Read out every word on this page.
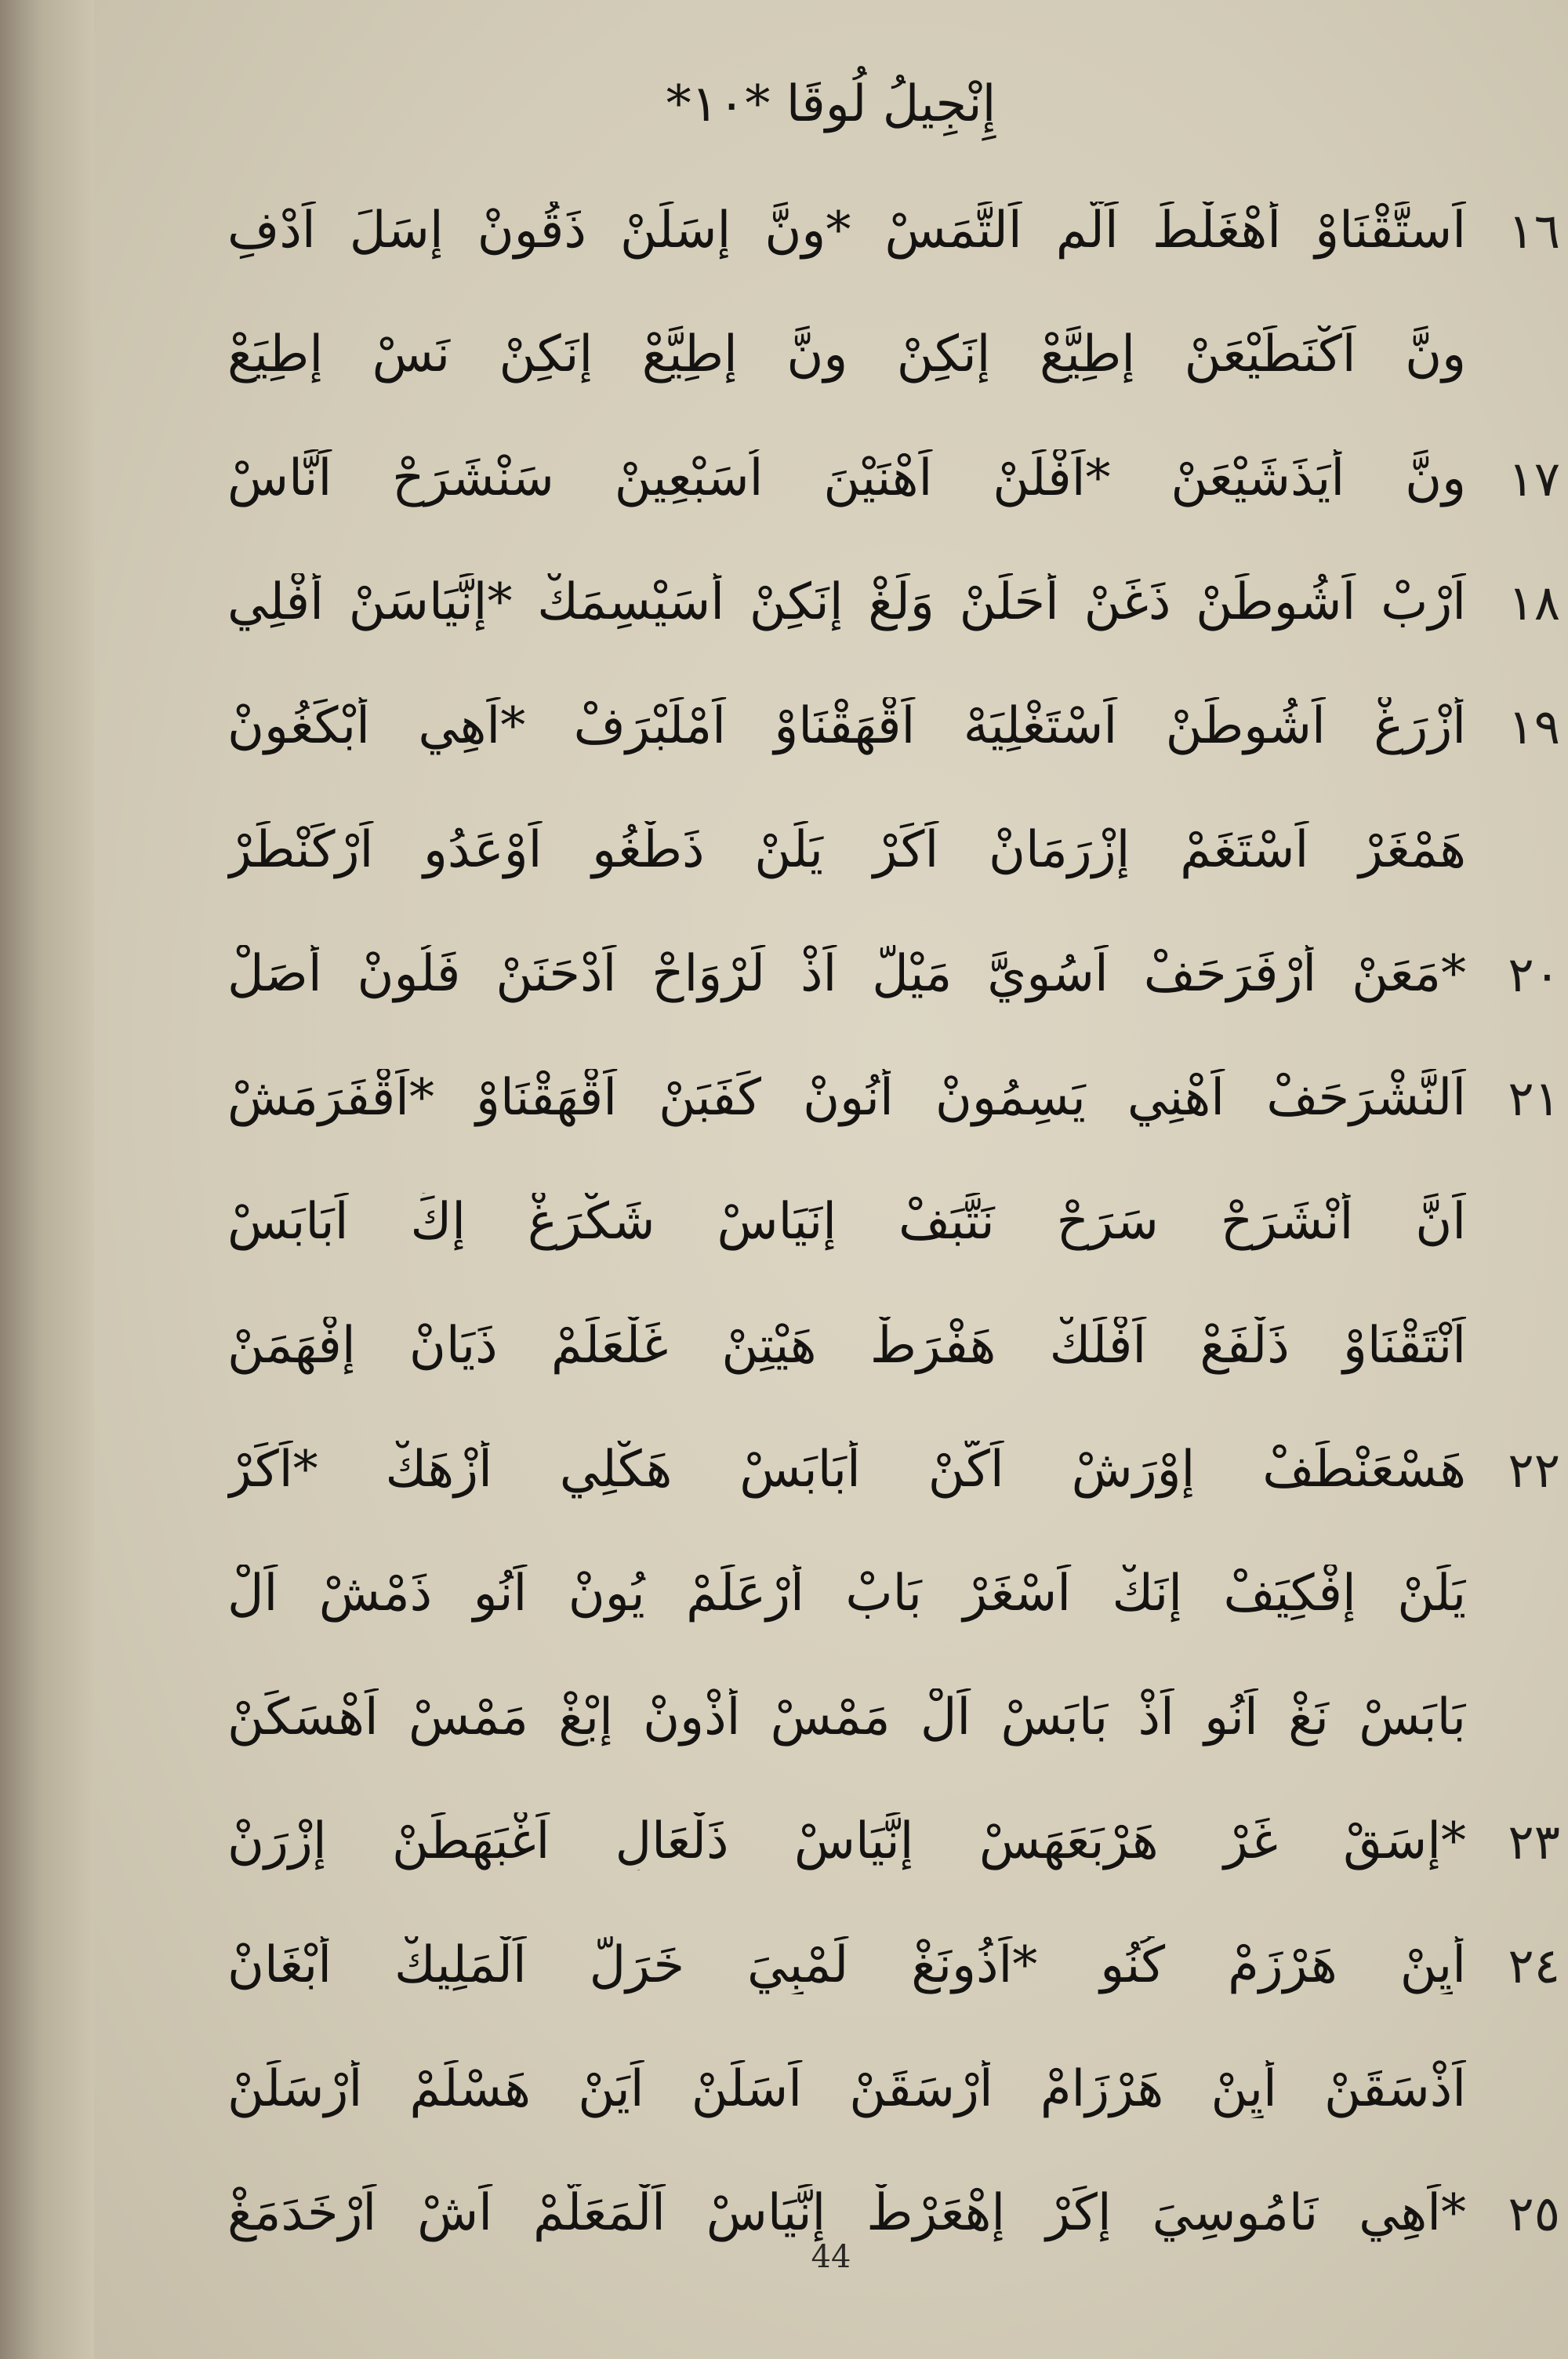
إِنْجِيلُ لُوقَا *١٠*
١٦
اَستَّقْنَاوْ أَهْغَلْطَ اَلَّمِ اَلتَّمَسْ *وِنَّ إِسَلَنْ ذَقُونْ إِسَلَ اَدْفِ
وِنَّ اَكْنَطَيْعَنْ إِطِيَّعْ إِنَكِنْ وِنَّ إِطِيَّعْ إِنَكِنْ نَسْ إِطِيَعْ
١٧
وِنَّ أَيَذَشَيْعَنْ *اَفْلَنْ اَهْنَيْنَ اُسَبْعِينْ سَنْشَرَحْ اَنَّاسْ
١٨
اَرْبْ اَشُوطَنْ ذَغَنْ أَحَلَنْ وَلَغْ إِنَكِنْ أَسَيْسِمَكْ *إِنَّيَاسَنْ أَفْلِي
١٩
أَزْرَغْ اَشُوطَنْ اَسْتَغْلِيَهْ اَقْهَقْنَاوْ اَمْلَبْرَفْ *اَهِي أَبْكَغُونْ
هَمْغَرْ اَسْتَغَمْ إِزْرَمَانْ اَكَرْ يَلَنْ ذَطْغُو اَوْعَدُو اَرْكَنْطَرْ
٢٠
*مَعَنْ أُرْفَرَحَفْ اَسُوِيَّ مَيْلَّ اَذْ لَرْوَاحْ اَدْحَنَنْ فَلُونْ أَصَلْ
٢١
اَلنَّشْرَحَفْ اَهْنِي يَسِمُونْ أَنُونْ كَفَبَنْ اَقْهَقْنَاوْ *اَقْفَرَمَشْ
اَنَّ أَنْشَرَحْ سَرَحْ نَتَّبَفْ إِنَيَاسْ شَكْرَغْ إِكِّ اَبَابَسْ
اَنْتَقْنَاوْ ذَلْفَعْ اَفْلَكْ هَفْرَطْ هَيْتِنْ غَلْعَلَمْ ذَيَانْ إِفْهَمَنْ
٢٢
هَسْعَنْطَفْ إِوْرَشْ اَكَّنْ أَبَابَسْ هَكْلِي أَزْهَكْ *اَكَرْ
يَلَنْ إِفْكِيَفْ إِنَكْ اَسْغَرْ بَابْ أُرْعَلَمْ يُونْ اَنُو ذَمْشْ اَلْ
بَابَسْ نَغْ اَنُو اَذْ بَابَسْ اَلْ مَمْسْ أَذْوِنْ إِبْغْ مَمْسْ اَهْسَكَنْ
٢٣
*إِسَقْ غَرْ هَرْبَعَهَسْ إِنَّيَاسْ ذَلْعَالِ اَغْبَهَطَنْ إِزْرَنْ
٢٤
أَيِنْ هَرْزَمْ كُنُو *اَذُونَغْ لَمْبِيَ خَرَلَّ اَلْمَلِيكْ أَبْغَانْ
اَذْسَقَنْ أَيِنْ هَرْزَامْ أُرْسَقَنْ اَسَلَنْ اَيَنْ هَسْلَمْ أُرْسَلَنْ
٢٥
*اَهِي نَامُوسِيَ إِكَرْ إِهْعَرْطْ إِنَّيَاسْ اَلْمَعَلَّمْ اَشْ اَرْخَدَمَغْ
44
